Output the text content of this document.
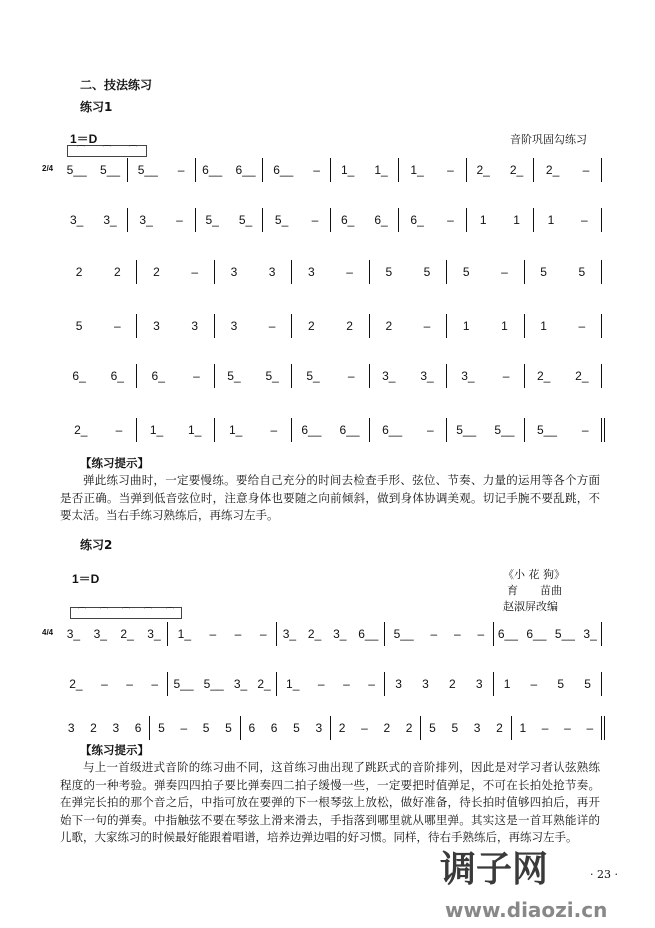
二、技法练习
练习1
1＝D	音阶巩固勾练习
⌒ ⌒ ⌒
2/4 5__ 5__ 5__ – 6__ 6__ 6__ – 1_ 1_ 1_ – 2_ 2_ 2_ –
3_ 3_ 3_ – 5_ 5_ 5_ – 6_ 6_ 6_ – 1 1 1 –
2	2	2	–	3	3	3	–	5	5	5	–	5	5
5	–	3	3	3	–	2	2	2	–	1	1	1	–
6_ 6_ 6_ – 5_ 5_ 5_ – 3_ 3_ 3_ – 2_ 2_
2_ – 1_ 1_ 1_ – 6__ 6__ 6__ – 5__ 5__ 5__ –
【练习提示】
弹此练习曲时，一定要慢练。要给自己充分的时间去检查手形、弦位、节奏、力量的运用等各个方面是否正确。当弹到低音弦位时，注意身体也要随之向前倾斜，做到身体协调美观。切记手腕不要乱跳，不要太活。当右手练习熟练后，再练习左手。
练习2
1＝D	《小 花 狗》
育　　苗曲
赵淑屏改编
⌒ ⌒ ⌒ ⌒ ⌒
4/4 3_ 3_ 2_ 3_ 1_ – – – 3_ 2_ 3_ 6__ 5__ – – – 6__ 6__ 5__ 3_
2_ – – – 5__ 5__ 3_ 2_ 1_ – – – 3 3 2 3 1 – 5 5
3 2 3 6 5 – 5 5 6 6 5 3 2 – 2 2 5 5 3 2 1 – – –
【练习提示】
与上一首级进式音阶的练习曲不同，这首练习曲出现了跳跃式的音阶排列，因此是对学习者认弦熟练程度的一种考验。弹奏四四拍子要比弹奏四二拍子缓慢一些，一定要把时值弹足，不可在长拍处抢节奏。在弹完长拍的那个音之后，中指可放在要弹的下一根琴弦上放松，做好准备，待长拍时值够四拍后，再开始下一句的弹奏。中指触弦不要在琴弦上滑来滑去，手指落到哪里就从哪里弹。其实这是一首耳熟能详的儿歌，大家练习的时候最好能跟着唱谱，培养边弹边唱的好习惯。同样，待右手熟练后，再练习左手。
调子网	· 23 ·
www.diaozi.cn
